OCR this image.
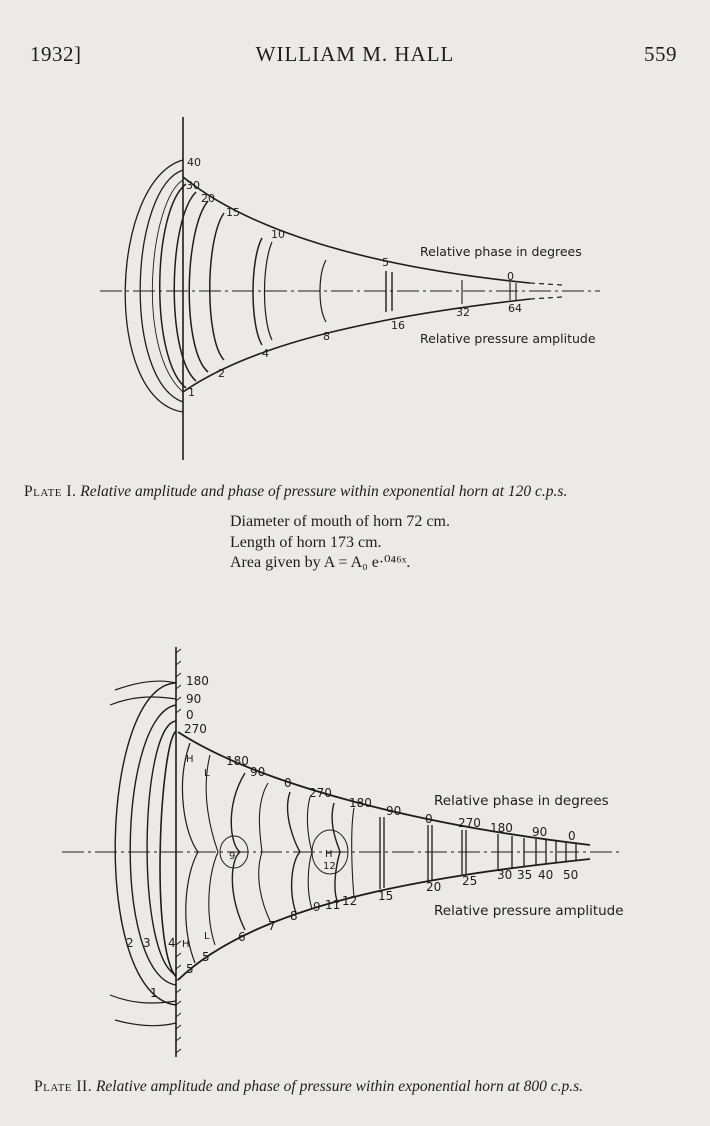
1932]	WILLIAM M. HALL	559
40
30
20
15
10
5
0
1
2
4
8
16
32	64
Relative phase in degrees
Relative pressure amplitude
Plate I. Relative amplitude and phase of pressure within exponential horn at 120 c.p.s.
Diameter of mouth of horn 72 cm.
Length of horn 173 cm.
Area given by A = A₀ e·⁰⁴⁶ˣ.
180
90
0
270
180
90
0
270
180
90
0 270 180 90 0
1
2 3 4
5
5
6
7
8
9 11 12 15
20 25 30 35 40 50
H
L
9	H
12
H
L
Relative phase in degrees
Relative pressure amplitude
Plate II. Relative amplitude and phase of pressure within exponential horn at 800 c.p.s.
